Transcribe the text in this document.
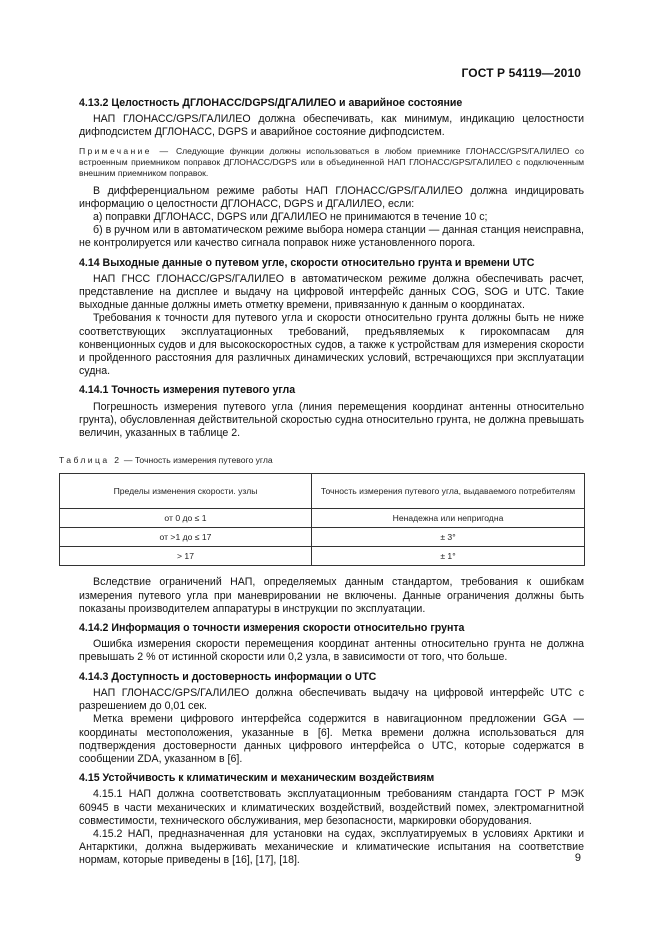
ГОСТ Р 54119—2010
4.13.2 Целостность ДГЛОНАСС/DGPS/ДГАЛИЛЕО и аварийное состояние

НАП ГЛОНАСС/GPS/ГАЛИЛЕО должна обеспечивать, как минимум, индикацию целостности дифподсистем ДГЛОНАСС, DGPS и аварийное состояние дифподсистем.

Примечание — Следующие функции должны использоваться в любом приемнике ГЛОНАСС/GPS/ГАЛИЛЕО со встроенным приемником поправок ДГЛОНАСС/DGPS или в объединенной НАП ГЛОНАСС/GPS/ГАЛИЛЕО с подключенным внешним приемником поправок.

В дифференциальном режиме работы НАП ГЛОНАСС/GPS/ГАЛИЛЕО должна индицировать информацию о целостности ДГЛОНАСС, DGPS и ДГАЛИЛЕО, если:

а) поправки ДГЛОНАСС, DGPS или ДГАЛИЛЕО не принимаются в течение 10 с;

б) в ручном или в автоматическом режиме выбора номера станции — данная станция неисправна, не контролируется или качество сигнала поправок ниже установленного порога.

4.14 Выходные данные о путевом угле, скорости относительно грунта и времени UTC

НАП ГНСС ГЛОНАСС/GPS/ГАЛИЛЕО в автоматическом режиме должна обеспечивать расчет, представление на дисплее и выдачу на цифровой интерфейс данных COG, SOG и UTC. Такие выходные данные должны иметь отметку времени, привязанную к данным о координатах.

Требования к точности для путевого угла и скорости относительно грунта должны быть не ниже соответствующих эксплуатационных требований, предъявляемых к гирокомпасам для конвенционных судов и для высокоскоростных судов, а также к устройствам для измерения скорости и пройденного расстояния для различных динамических условий, встречающихся при эксплуатации судна.

4.14.1 Точность измерения путевого угла

Погрешность измерения путевого угла (линия перемещения координат антенны относительно грунта), обусловленная действительной скоростью судна относительно грунта, не должна превышать величин, указанных в таблице 2.

Таблица 2 — Точность измерения путевого угла
Пределы изменения скорости. узлы	Точность измерения путевого угла, выдаваемого потребителям
от 0 до ≤ 1	Ненадежна или непригодна
от >1 до ≤ 17	± 3°
> 17	± 1°

Вследствие ограничений НАП, определяемых данным стандартом, требования к ошибкам измерения путевого угла при маневрировании не включены. Данные ограничения должны быть показаны производителем аппаратуры в инструкции по эксплуатации.

4.14.2 Информация о точности измерения скорости относительно грунта

Ошибка измерения скорости перемещения координат антенны относительно грунта не должна превышать 2 % от истинной скорости или 0,2 узла, в зависимости от того, что больше.

4.14.3 Доступность и достоверность информации о UTC

НАП ГЛОНАСС/GPS/ГАЛИЛЕО должна обеспечивать выдачу на цифровой интерфейс UTC с разрешением до 0,01 сек.

Метка времени цифрового интерфейса содержится в навигационном предложении GGA — координаты местоположения, указанные в [6]. Метка времени должна использоваться для подтверждения достоверности данных цифрового интерфейса о UTC, которые содержатся в сообщении ZDA, указанном в [6].

4.15 Устойчивость к климатическим и механическим воздействиям

4.15.1 НАП должна соответствовать эксплуатационным требованиям стандарта ГОСТ Р МЭК 60945 в части механических и климатических воздействий, воздействий помех, электромагнитной совместимости, технического обслуживания, мер безопасности, маркировки оборудования.

4.15.2 НАП, предназначенная для установки на судах, эксплуатируемых в условиях Арктики и Антарктики, должна выдерживать механические и климатические испытания на соответствие нормам, которые приведены в [16], [17], [18].	9
